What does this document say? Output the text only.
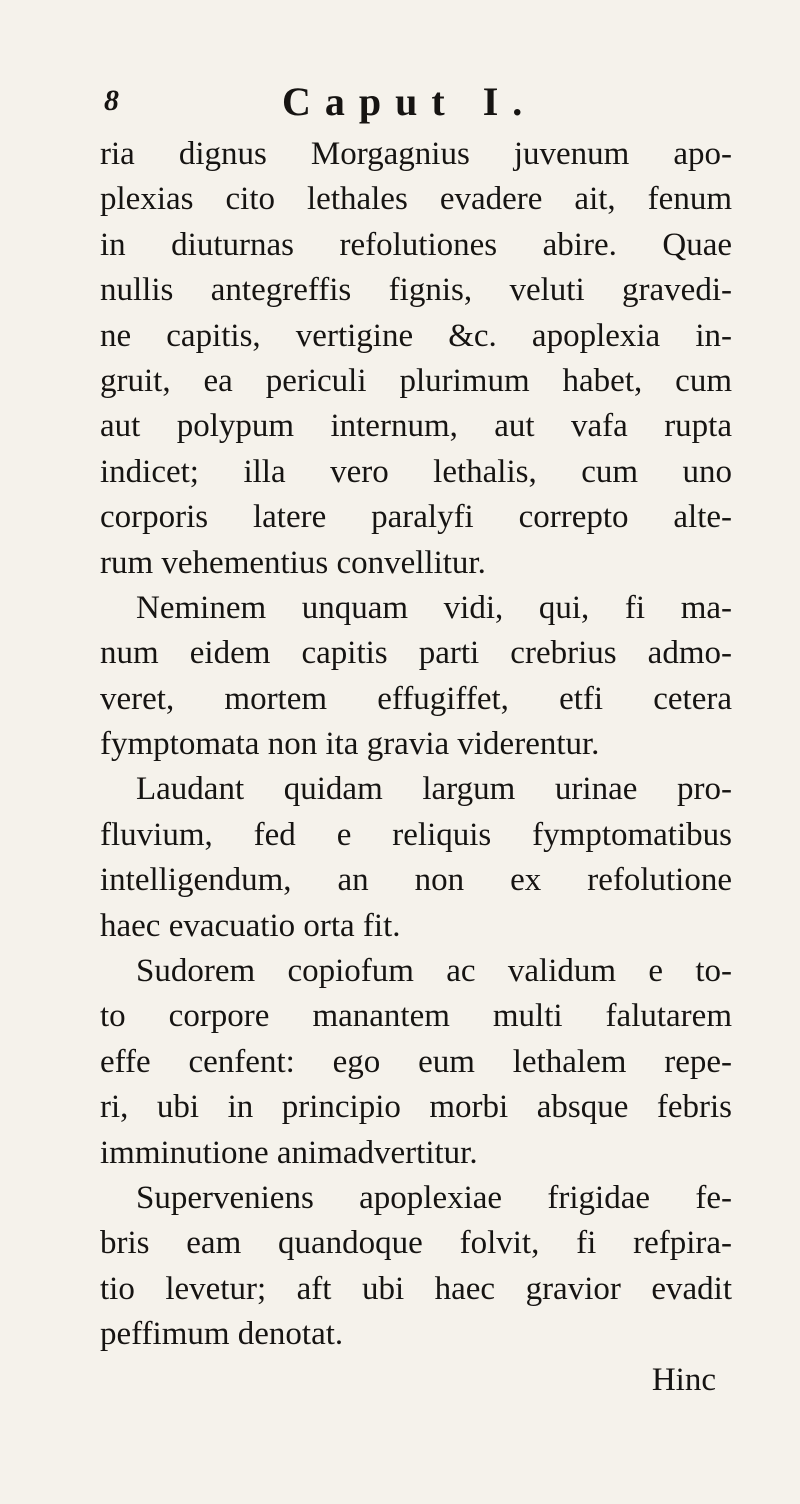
8	Caput I.
ria dignus Morgagnius juvenum apo-
plexias cito lethales evadere ait, fenum
in diuturnas refolutiones abire. Quae
nullis antegreffis fignis, veluti gravedi-
ne capitis, vertigine &c. apoplexia in-
gruit, ea periculi plurimum habet, cum
aut polypum internum, aut vafa rupta
indicet; illa vero lethalis, cum uno
corporis latere paralyfi correpto alte-
rum vehementius convellitur.
Neminem unquam vidi, qui, fi ma-
num eidem capitis parti crebrius admo-
veret, mortem effugiffet, etfi cetera
fymptomata non ita gravia viderentur.
Laudant quidam largum urinae pro-
fluvium, fed e reliquis fymptomatibus
intelligendum, an non ex refolutione
haec evacuatio orta fit.
Sudorem copiofum ac validum e to-
to corpore manantem multi falutarem
effe cenfent: ego eum lethalem repe-
ri, ubi in principio morbi absque febris
imminutione animadvertitur.
Superveniens apoplexiae frigidae fe-
bris eam quandoque folvit, fi refpira-
tio levetur; aft ubi haec gravior evadit
peffimum denotat.
Hinc
